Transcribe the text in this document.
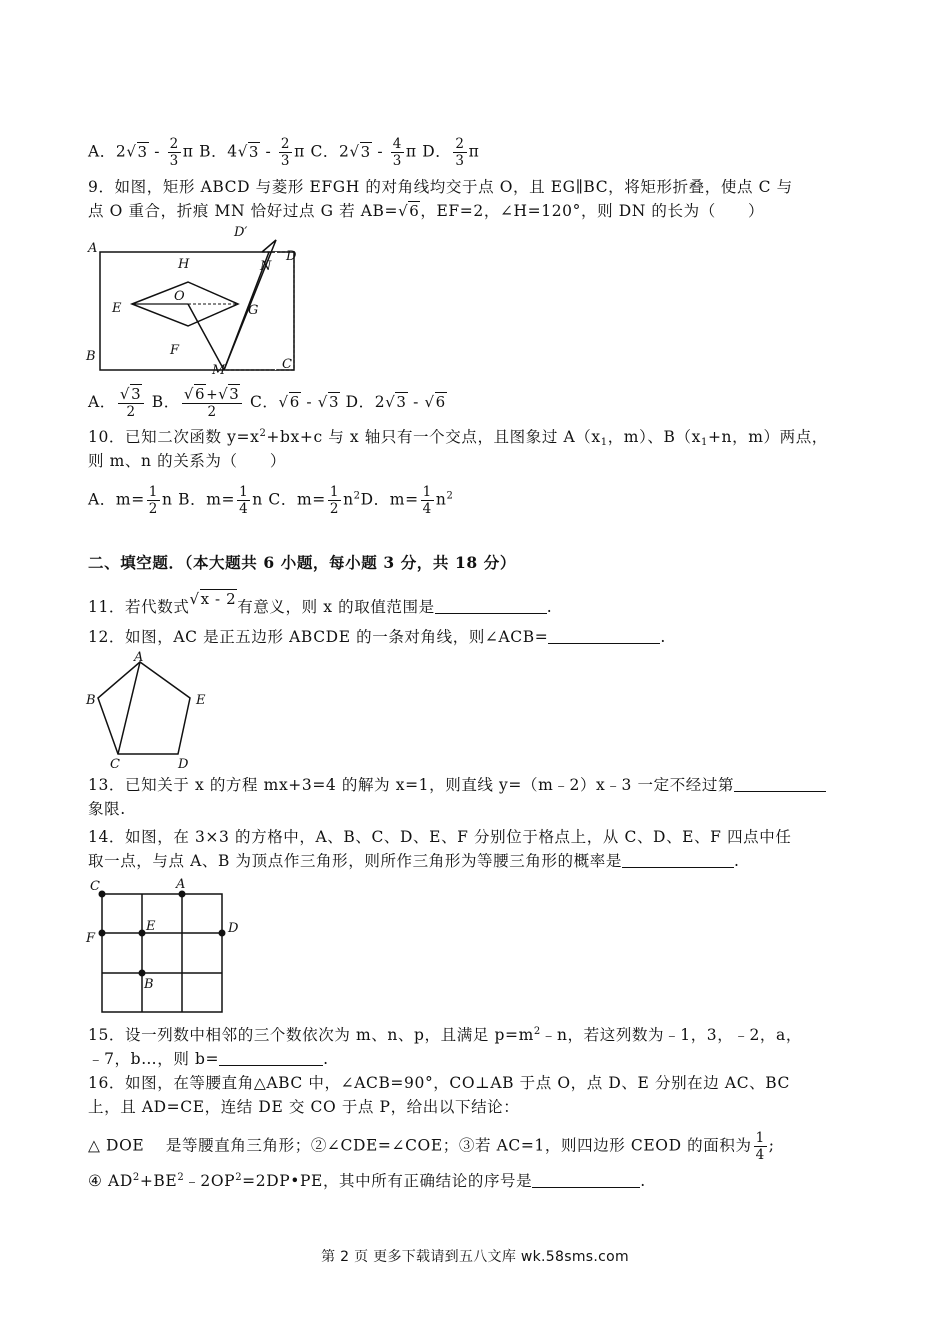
A．$2√3 - \frac{2}{3}$ π B．$4√3 - \frac{2}{3}$ π C．$2√3 - \frac{4}{3}$ π D． $\frac{2}{3}$ π
9．如图，矩形 ABCD 与菱形 EFGH 的对角线均交于点 O，且 EG∥BC，将矩形折叠，使点 C 与
点 O 重合，折痕 MN 恰好过点 G 若 AB=√6，EF=2，∠H=120°，则 DN 的长为（　　）
A
B
C
D
D′
E
F
G
H
O
M
N
A． $\frac{√3}{2}$ B． $\frac{√6+√3}{2}$ C．√6 - √3 D．2√3 - √6
10．已知二次函数 $y=x^2+bx+c$ 与 x 轴只有一个交点，且图象过 $A(x_1$，m）、$B(x_1+n$，m）两点，
则 m、n 的关系为（　　）
A．$m= \frac{1}{2}$ n B．$m= \frac{1}{4}$ n C．$m= \frac{1}{2} n^2D$．$m= \frac{1}{4} n^2$
二、填空题．（本大题共 6 小题，每小题 3 分，共 18 分）
11．若代数式√x - 2有意义，则 x 的取值范围是	.
12．如图，AC 是正五边形 ABCDE 的一条对角线，则∠ACB=	.
A
B
C	D
E
13．已知关于 x 的方程 mx+3=4 的解为 x=1，则直线 y=（m﹣2）x﹣3 一定不经过第
象限.
14．如图，在 3×3 的方格中，A、B、C、D、E、F 分别位于格点上，从 C、D、E、F 四点中任
取一点，与点 A、B 为顶点作三角形，则所作三角形为等腰三角形的概率是	.
C	A
F
E	D
B
15．设一列数中相邻的三个数依次为 m、n、p，且满足 $p=m^2﹣n$，若这列数为﹣1，3，﹣2，a，
﹣7，b…，则 b=	.
16．如图，在等腰直角△ABC 中，∠ACB=90°，CO⊥AB 于点 O，点 D、E 分别在边 AC、BC
上，且 AD=CE，连结 DE 交 CO 于点 P，给出以下结论：
△ DOE　 是等腰直角三角形；②∠CDE=∠COE；③若 AC=1，则四边形 CEOD 的面积为 $\frac{1}{4}$ ;
④ $AD^2+BE^2﹣2OP^2=2DP•PE$，其中所有正确结论的序号是	.
第 2 页 更多下载请到五八文库 wk.58sms.com
